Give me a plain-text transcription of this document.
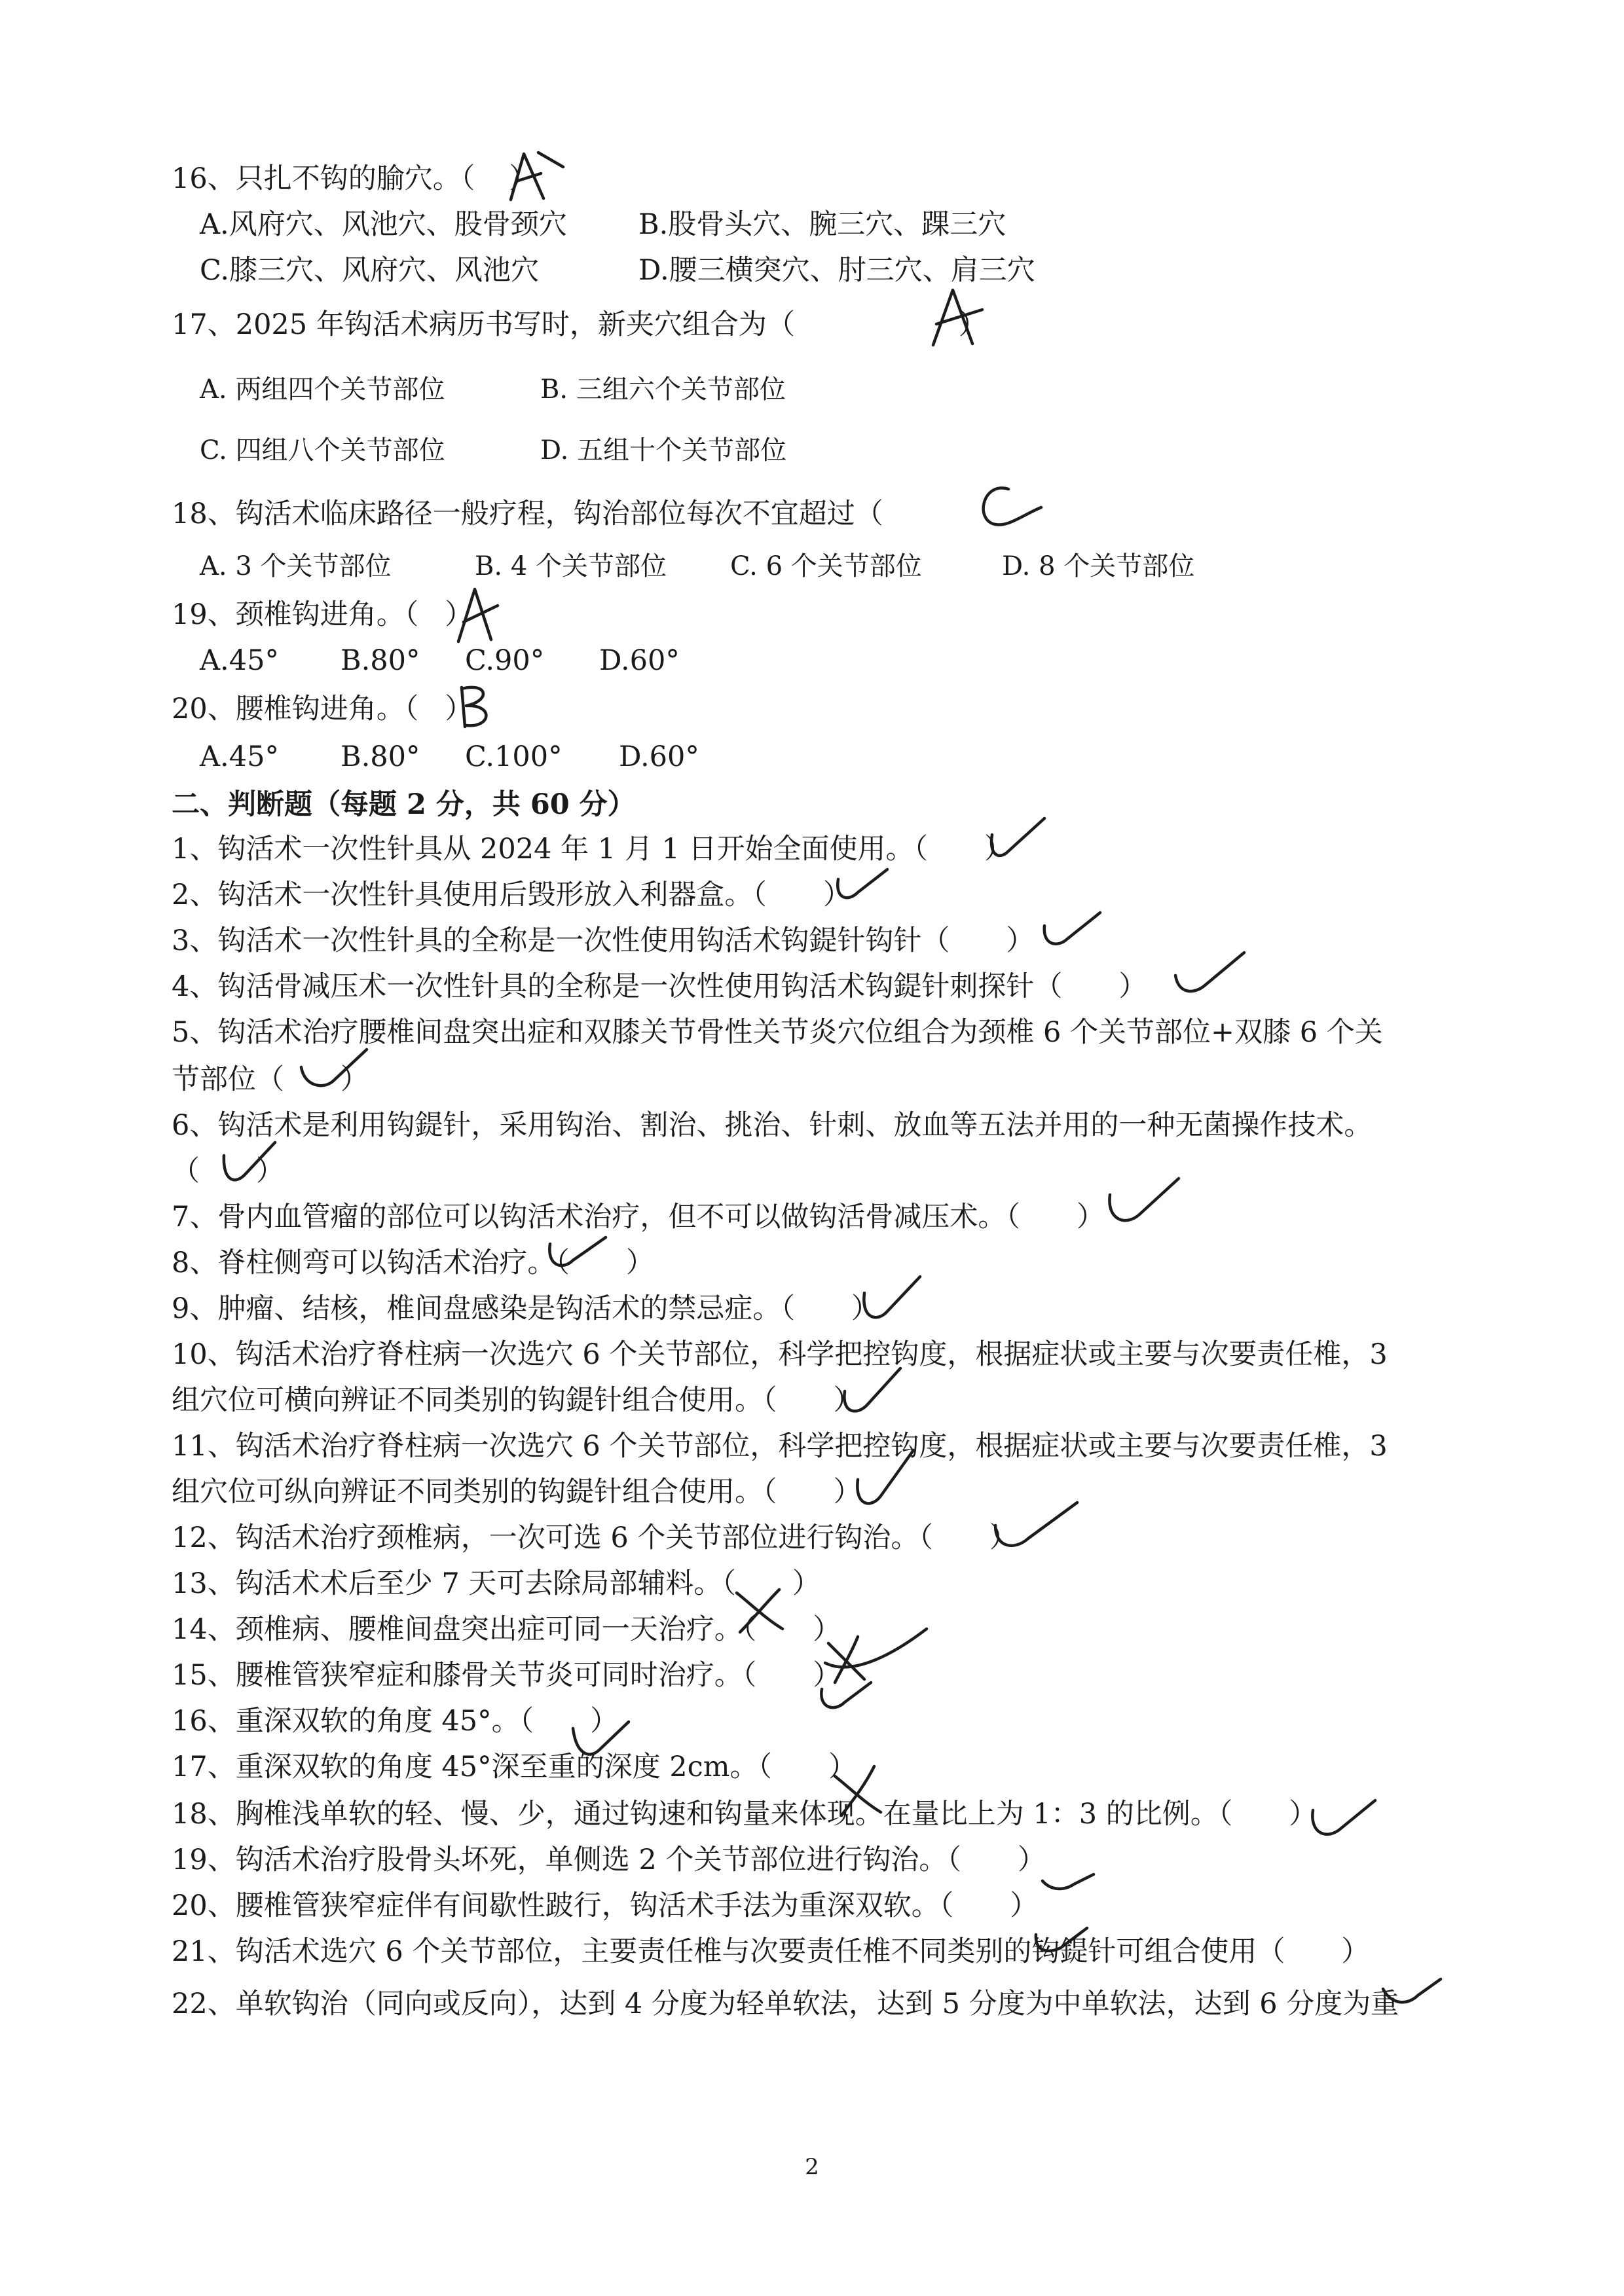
16、只扎不钩的腧穴。（ ）
A.风府穴、风池穴、股骨颈穴	B.股骨头穴、腕三穴、踝三穴
C.膝三穴、风府穴、风池穴	D.腰三横突穴、肘三穴、肩三穴
17、2025 年钩活术病历书写时，新夹穴组合为（	）
A. 两组四个关节部位	B. 三组六个关节部位
C. 四组八个关节部位	D. 五组十个关节部位
18、钩活术临床路径一般疗程，钩治部位每次不宜超过（
A. 3 个关节部位	B. 4 个关节部位 C. 6 个关节部位	D. 8 个关节部位
19、颈椎钩进角。（ ）
A.45° B.80° C.90° D.60°
20、腰椎钩进角。（ ）
A.45° B.80° C.100° D.60°
二、判断题（每题 2 分，共 60 分）
1、钩活术一次性针具从 2024 年 1 月 1 日开始全面使用。（　　）
2、钩活术一次性针具使用后毁形放入利器盒。（　　）
3、钩活术一次性针具的全称是一次性使用钩活术钩鍉针钩针（　　）
4、钩活骨减压术一次性针具的全称是一次性使用钩活术钩鍉针刺探针（　　）
5、钩活术治疗腰椎间盘突出症和双膝关节骨性关节炎穴位组合为颈椎 6 个关节部位+双膝 6 个关
节部位（　　）
6、钩活术是利用钩鍉针，采用钩治、割治、挑治、针刺、放血等五法并用的一种无菌操作技术。
（　　）
7、骨内血管瘤的部位可以钩活术治疗，但不可以做钩活骨减压术。（　　）
8、脊柱侧弯可以钩活术治疗。（　　）
9、肿瘤、结核，椎间盘感染是钩活术的禁忌症。（　　）
10、钩活术治疗脊柱病一次选穴 6 个关节部位，科学把控钩度，根据症状或主要与次要责任椎，3
组穴位可横向辨证不同类别的钩鍉针组合使用。（　　）
11、钩活术治疗脊柱病一次选穴 6 个关节部位，科学把控钩度，根据症状或主要与次要责任椎，3
组穴位可纵向辨证不同类别的钩鍉针组合使用。（　　）
12、钩活术治疗颈椎病，一次可选 6 个关节部位进行钩治。（　　）
13、钩活术术后至少 7 天可去除局部辅料。（　　）
14、颈椎病、腰椎间盘突出症可同一天治疗。（　　）
15、腰椎管狭窄症和膝骨关节炎可同时治疗。（　　）
16、重深双软的角度 45°。（　　）
17、重深双软的角度 45°深至重的深度 2cm。（　　）
18、胸椎浅单软的轻、慢、少，通过钩速和钩量来体现。在量比上为 1：3 的比例。（　　）
19、钩活术治疗股骨头坏死，单侧选 2 个关节部位进行钩治。（　　）
20、腰椎管狭窄症伴有间歇性跛行，钩活术手法为重深双软。（　　）
21、钩活术选穴 6 个关节部位，主要责任椎与次要责任椎不同类别的钩鍉针可组合使用（　　）
22、单软钩治（同向或反向），达到 4 分度为轻单软法，达到 5 分度为中单软法，达到 6 分度为重
2
